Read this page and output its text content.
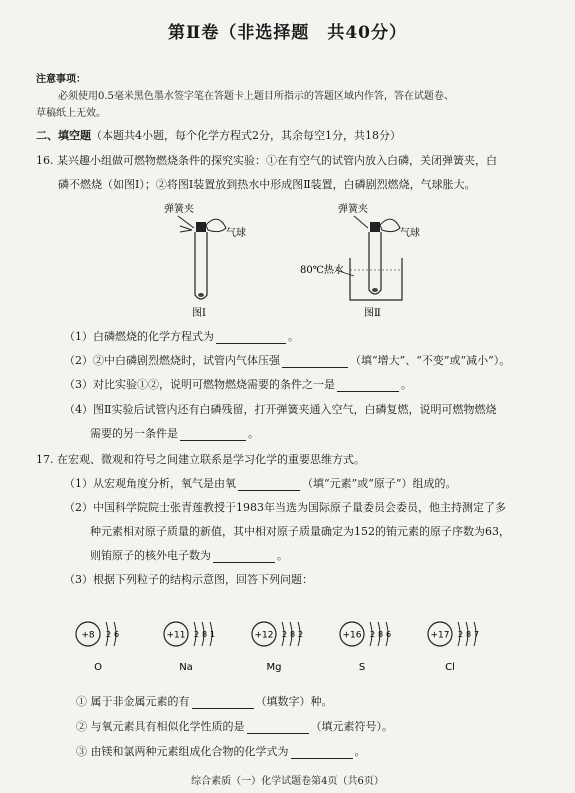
第Ⅱ卷（非选择题　共40分）
注意事项：
必须使用0.5毫米黑色墨水签字笔在答题卡上题目所指示的答题区域内作答，答在试题卷、
草稿纸上无效。
二、填空题（本题共4小题，每个化学方程式2分，其余每空1分，共18分）
16. 某兴趣小组做可燃物燃烧条件的探究实验：①在有空气的试管内放入白磷，关闭弹簧夹，白
磷不燃烧（如图Ⅰ）；②将图Ⅰ装置放到热水中形成图Ⅱ装置，白磷剧烈燃烧，气球胀大。
弹簧夹
气球
图Ⅰ
弹簧夹
气球
80℃热水
图Ⅱ
（1）白磷燃烧的化学方程式为	。
（2）②中白磷剧烈燃烧时，试管内气体压强	（填“增大”、“不变”或“减小”）。
（3）对比实验①②，说明可燃物燃烧需要的条件之一是	。
（4）图Ⅱ实验后试管内还有白磷残留，打开弹簧夹通入空气，白磷复燃，说明可燃物燃烧
需要的另一条件是	。
17. 在宏观、微观和符号之间建立联系是学习化学的重要思维方式。
（1）从宏观角度分析，氧气是由氧	（填“元素”或“原子”）组成的。
（2）中国科学院院士张青莲教授于1983年当选为国际原子量委员会委员，他主持测定了多
种元素相对原子质量的新值，其中相对原子质量确定为152的铕元素的原子序数为63，
则铕原子的核外电子数为	。
（3）根据下列粒子的结构示意图，回答下列问题：
+8 2 6
O
+11 2 8 1
Na
+12 2 8 2
Mg
+16 2 8 6
S
+17 2 8 7
Cl
① 属于非金属元素的有	（填数字）种。
② 与氧元素具有相似化学性质的是	（填元素符号）。
③ 由镁和氯两种元素组成化合物的化学式为	。
综合素质（一）化学试题卷第4页（共6页）
